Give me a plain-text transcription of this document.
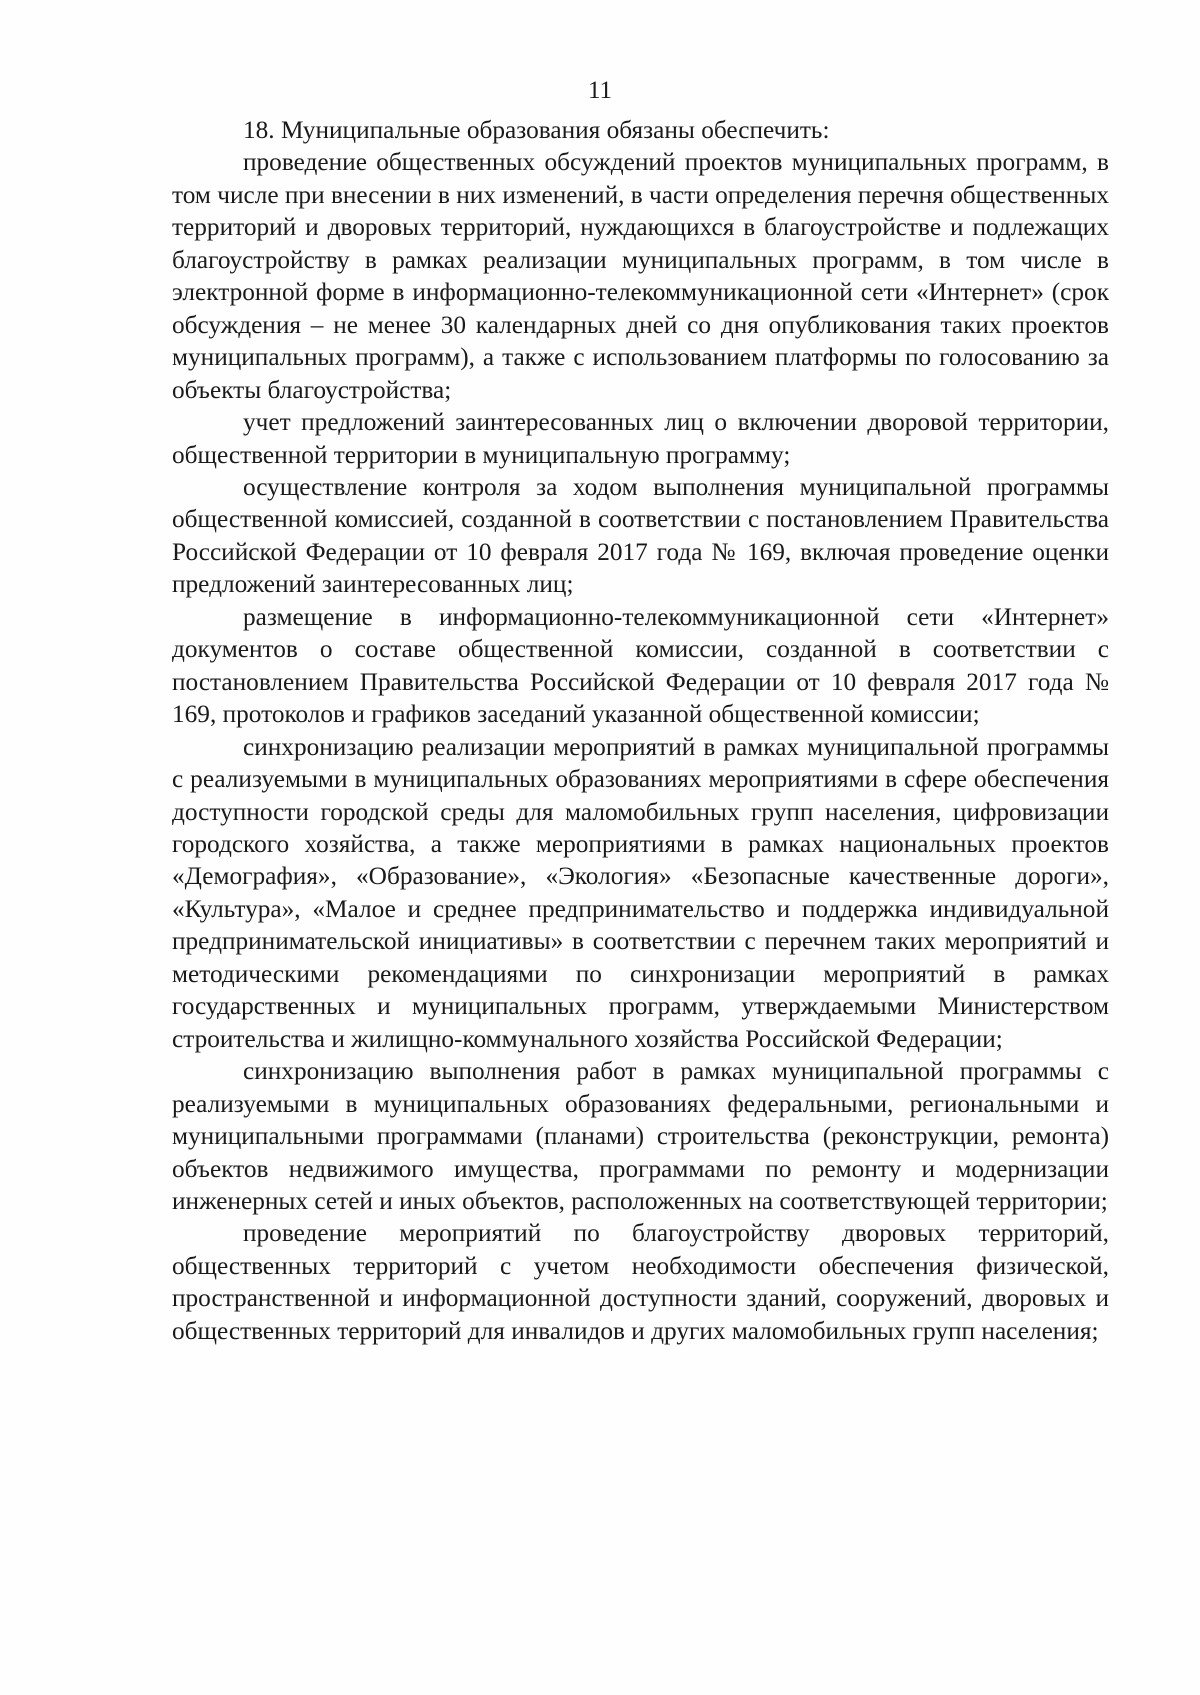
11

18. Муниципальные образования обязаны обеспечить:

проведение общественных обсуждений проектов муниципальных программ, в том числе при внесении в них изменений, в части определения перечня общественных территорий и дворовых территорий, нуждающихся в благоустройстве и подлежащих благоустройству в рамках реализации муниципальных программ, в том числе в электронной форме в информационно-телекоммуникационной сети «Интернет» (срок обсуждения – не менее 30 календарных дней со дня опубликования таких проектов муниципальных программ), а также с использованием платформы по голосованию за объекты благоустройства;

учет предложений заинтересованных лиц о включении дворовой территории, общественной территории в муниципальную программу;

осуществление контроля за ходом выполнения муниципальной программы общественной комиссией, созданной в соответствии с постановлением Правительства Российской Федерации от 10 февраля 2017 года № 169, включая проведение оценки предложений заинтересованных лиц;

размещение в информационно-телекоммуникационной сети «Интернет» документов о составе общественной комиссии, созданной в соответствии с постановлением Правительства Российской Федерации от 10 февраля 2017 года № 169, протоколов и графиков заседаний указанной общественной комиссии;

синхронизацию реализации мероприятий в рамках муниципальной программы с реализуемыми в муниципальных образованиях мероприятиями в сфере обеспечения доступности городской среды для маломобильных групп населения, цифровизации городского хозяйства, а также мероприятиями в рамках национальных проектов «Демография», «Образование», «Экология» «Безопасные качественные дороги», «Культура», «Малое и среднее предпринимательство и поддержка индивидуальной предпринимательской инициативы» в соответствии с перечнем таких мероприятий и методическими рекомендациями по синхронизации мероприятий в рамках государственных и муниципальных программ, утверждаемыми Министерством строительства и жилищно-коммунального хозяйства Российской Федерации;

синхронизацию выполнения работ в рамках муниципальной программы с реализуемыми в муниципальных образованиях федеральными, региональными и муниципальными программами (планами) строительства (реконструкции, ремонта) объектов недвижимого имущества, программами по ремонту и модернизации инженерных сетей и иных объектов, расположенных на соответствующей территории;

проведение мероприятий по благоустройству дворовых территорий, общественных территорий с учетом необходимости обеспечения физической, пространственной и информационной доступности зданий, сооружений, дворовых и общественных территорий для инвалидов и других маломобильных групп населения;
